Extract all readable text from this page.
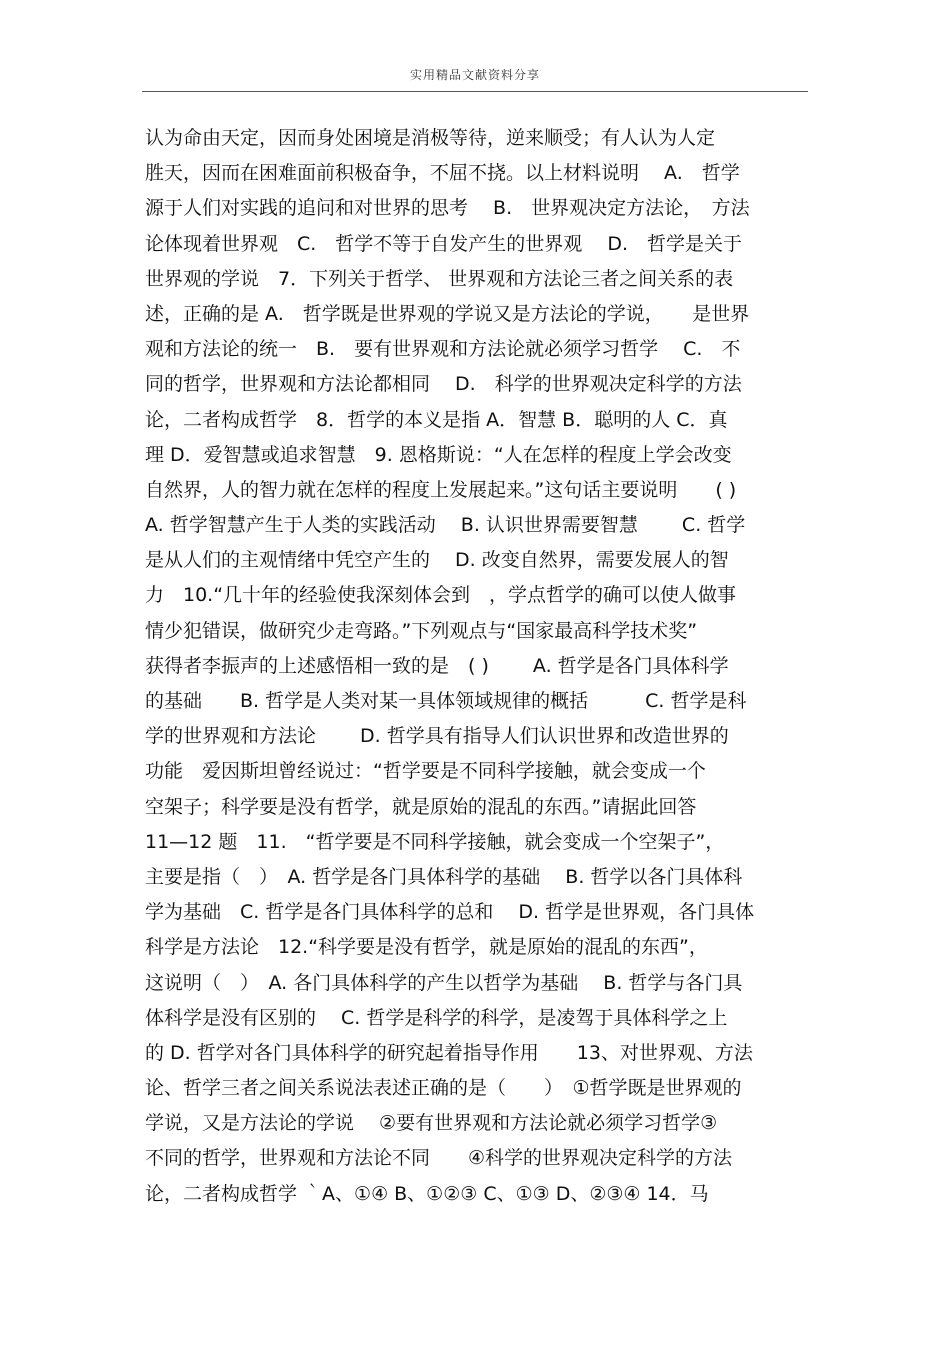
实用精品文献资料分享
认为命由天定，因而身处困境是消极等待，逆来顺受；有人认为人定
胜天，因而在困难面前积极奋争，不屈不挠。以上材料说明　 A.　哲学
源于人们对实践的追问和对世界的思考　 B.　世界观决定方法论，　方法
论体现着世界观　C.　哲学不等于自发产生的世界观　 D.　哲学是关于
世界观的学说　7．下列关于哲学、 世界观和方法论三者之间关系的表
述，正确的是 A.　哲学既是世界观的学说又是方法论的学说，　　是世界
观和方法论的统一　B.　要有世界观和方法论就必须学习哲学　 C.　不
同的哲学，世界观和方法论都相同　 D.　科学的世界观决定科学的方法
论，二者构成哲学　8．哲学的本义是指 A．智慧 B．聪明的人 C．真
理 D．爱智慧或追求智慧　9. 恩格斯说：“人在怎样的程度上学会改变
自然界，人的智力就在怎样的程度上发展起来。”这句话主要说明　　( )
A. 哲学智慧产生于人类的实践活动　 B. 认识世界需要智慧　　 C. 哲学
是从人们的主观情绪中凭空产生的　 D. 改变自然界，需要发展人的智
力　10.“几十年的经验使我深刻体会到　，学点哲学的确可以使人做事
情少犯错误，做研究少走弯路。”下列观点与“国家最高科学技术奖”
获得者李振声的上述感悟相一致的是　( )　　 A. 哲学是各门具体科学
的基础　　B. 哲学是人类对某一具体领域规律的概括　　　C. 哲学是科
学的世界观和方法论　　 D. 哲学具有指导人们认识世界和改造世界的
功能　爱因斯坦曾经说过：“哲学要是不同科学接触，就会变成一个
空架子；科学要是没有哲学，就是原始的混乱的东西。”请据此回答
11—12 题　11.　“哲学要是不同科学接触，就会变成一个空架子”，
主要是指（　）　A. 哲学是各门具体科学的基础　 B. 哲学以各门具体科
学为基础　C. 哲学是各门具体科学的总和　 D. 哲学是世界观，各门具体
科学是方法论　12.“科学要是没有哲学，就是原始的混乱的东西”，
这说明（　）　A. 各门具体科学的产生以哲学为基础　 B. 哲学与各门具
体科学是没有区别的　 C. 哲学是科学的科学，是凌驾于具体科学之上
的 D. 哲学对各门具体科学的研究起着指导作用　　13、对世界观、方法
论、哲学三者之间关系说法表述正确的是（　　）　①哲学既是世界观的
学说，又是方法论的学说　 ②要有世界观和方法论就必须学习哲学③
不同的哲学，世界观和方法论不同　　④科学的世界观决定科学的方法
论，二者构成哲学 ｀A、①④ B、①②③ C、①③ D、②③④ 14．马
